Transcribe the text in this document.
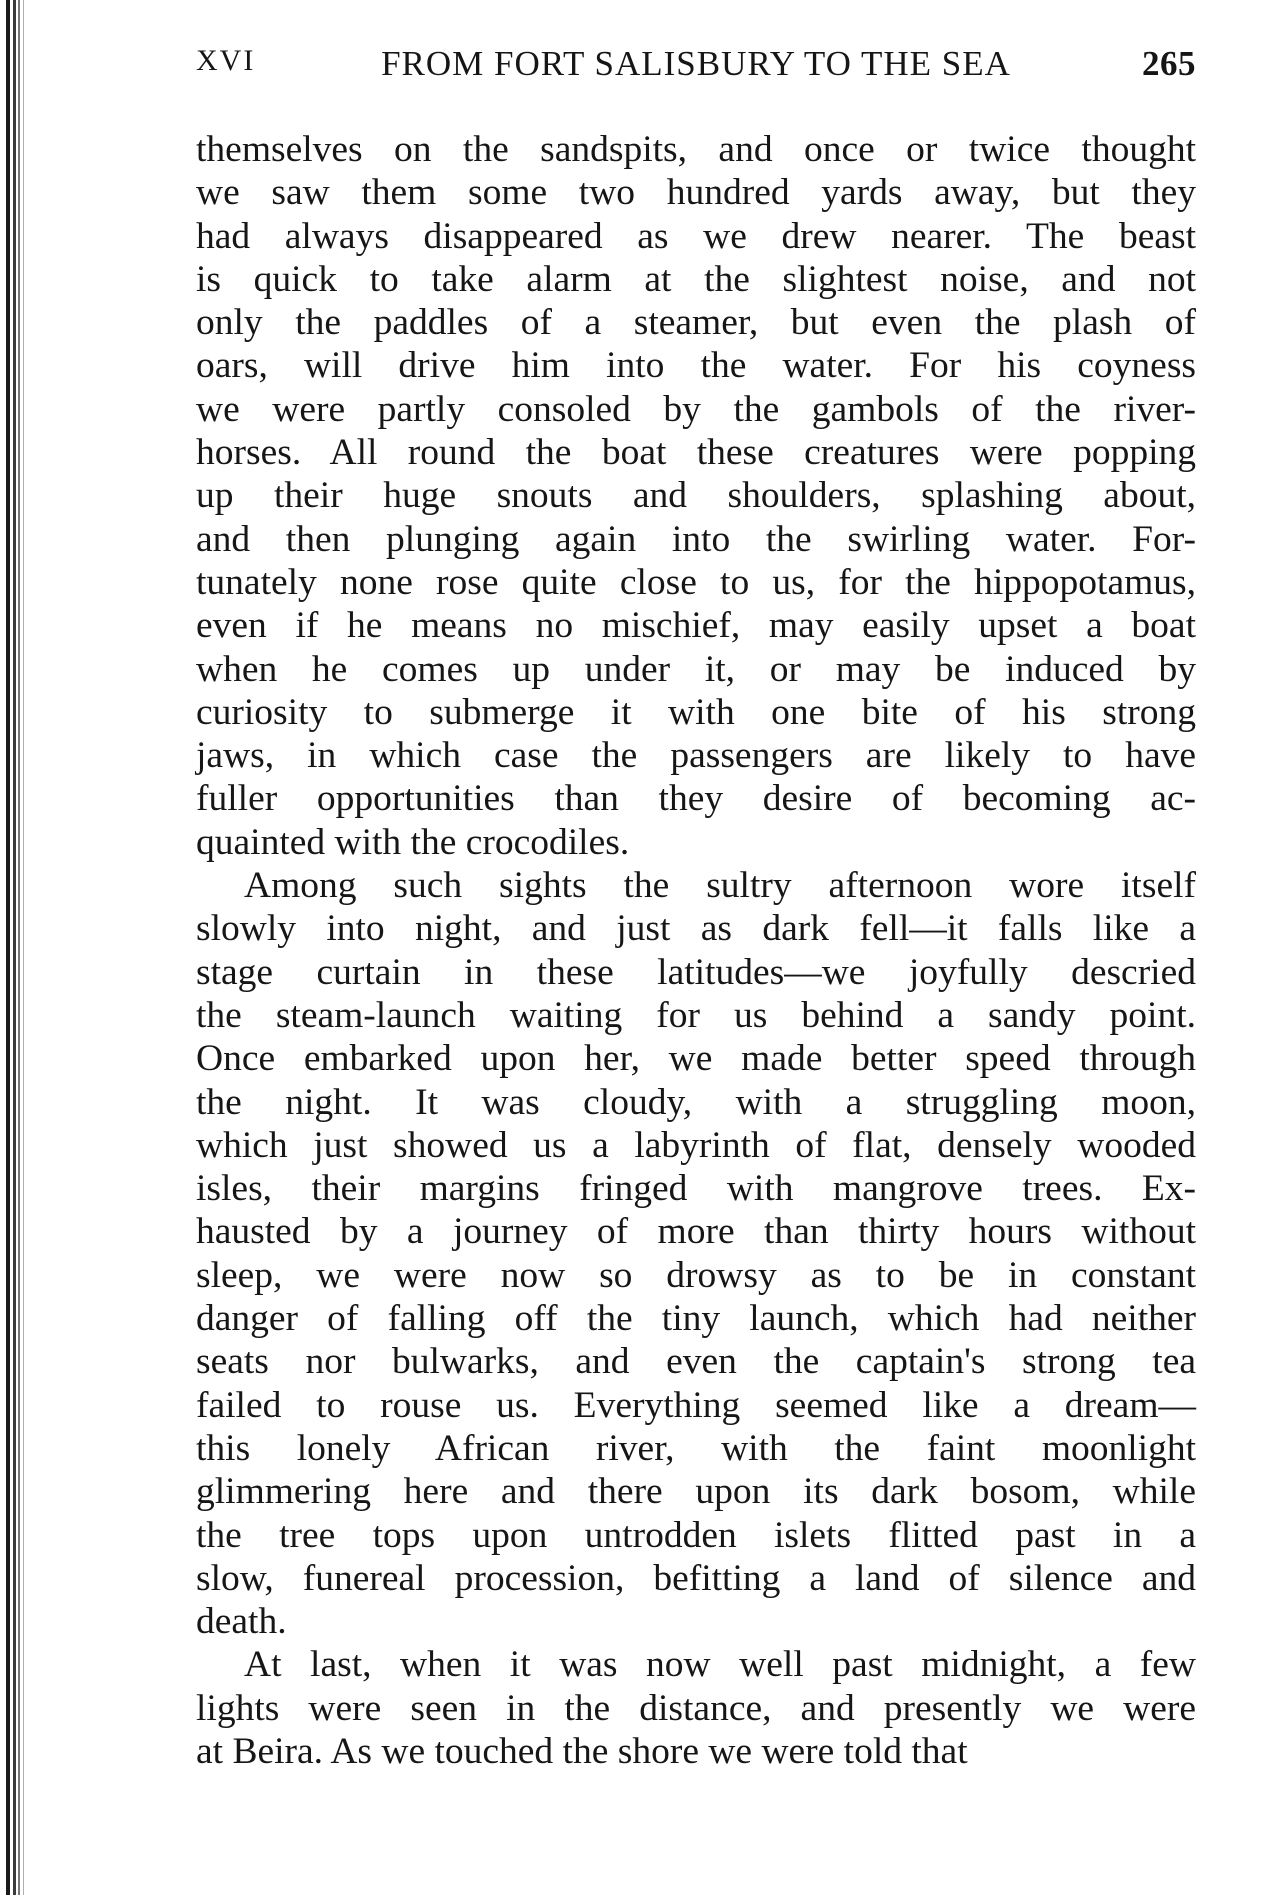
XVI	FROM FORT SALISBURY TO THE SEA	265
themselves on the sandspits, and once or twice thought
we saw them some two hundred yards away, but they
had always disappeared as we drew nearer. The beast
is quick to take alarm at the slightest noise, and not
only the paddles of a steamer, but even the plash of
oars, will drive him into the water. For his coyness
we were partly consoled by the gambols of the river-
horses. All round the boat these creatures were popping
up their huge snouts and shoulders, splashing about,
and then plunging again into the swirling water. For-
tunately none rose quite close to us, for the hippopotamus,
even if he means no mischief, may easily upset a boat
when he comes up under it, or may be induced by
curiosity to submerge it with one bite of his strong
jaws, in which case the passengers are likely to have
fuller opportunities than they desire of becoming ac-
quainted with the crocodiles.
Among such sights the sultry afternoon wore itself
slowly into night, and just as dark fell—it falls like a
stage curtain in these latitudes—we joyfully descried
the steam-launch waiting for us behind a sandy point.
Once embarked upon her, we made better speed through
the night. It was cloudy, with a struggling moon,
which just showed us a labyrinth of flat, densely wooded
isles, their margins fringed with mangrove trees. Ex-
hausted by a journey of more than thirty hours without
sleep, we were now so drowsy as to be in constant
danger of falling off the tiny launch, which had neither
seats nor bulwarks, and even the captain's strong tea
failed to rouse us. Everything seemed like a dream—
this lonely African river, with the faint moonlight
glimmering here and there upon its dark bosom, while
the tree tops upon untrodden islets flitted past in a
slow, funereal procession, befitting a land of silence and
death.
At last, when it was now well past midnight, a few
lights were seen in the distance, and presently we were
at Beira. As we touched the shore we were told that
